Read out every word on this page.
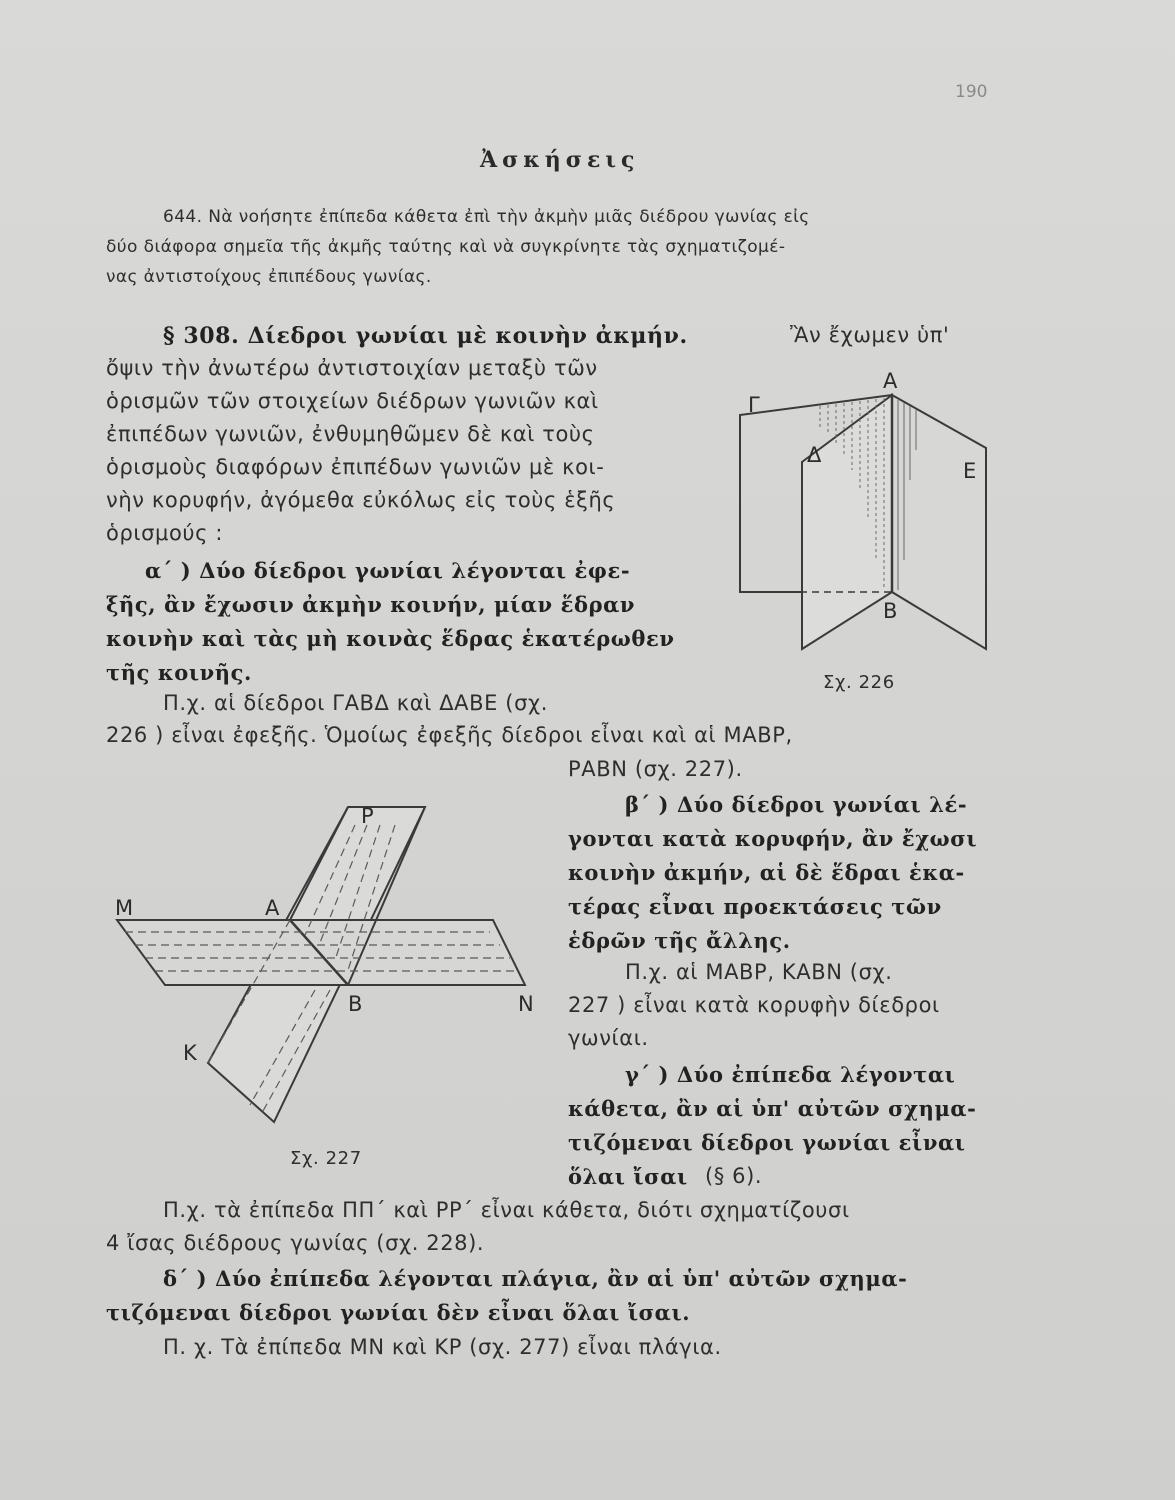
190
Ἀσκήσεις
644. Νὰ νοήσητε ἐπίπεδα κάθετα ἐπὶ τὴν ἀκμὴν μιᾶς διέδρου γωνίας εἰς
δύο διάφορα σημεῖα τῆς ἀκμῆς ταύτης καὶ νὰ συγκρίνητε τὰς σχηματιζομέ-
νας ἀντιστοίχους ἐπιπέδους γωνίας.
§ 308. Δίεδροι γωνίαι μὲ κοινὴν ἀκμήν.	Ἂν ἔχωμεν ὑπ'
ὄψιν τὴν ἀνωτέρω ἀντιστοιχίαν μεταξὺ τῶν
ὁρισμῶν τῶν στοιχείων διέδρων γωνιῶν καὶ
ἐπιπέδων γωνιῶν, ἐνθυμηθῶμεν δὲ καὶ τοὺς
ὁρισμοὺς διαφόρων ἐπιπέδων γωνιῶν μὲ κοι-
νὴν κορυφήν, ἀγόμεθα εὐκόλως εἰς τοὺς ἑξῆς
ὁρισμούς :
α΄ ) Δύο δίεδροι γωνίαι λέγονται ἐφε-
ξῆς, ἂν ἔχωσιν ἀκμὴν κοινήν, μίαν ἕδραν
κοινὴν καὶ τὰς μὴ κοινὰς ἕδρας ἑκατέρωθεν
τῆς κοινῆς.
Π.χ. αἱ δίεδροι ΓΑΒΔ καὶ ΔΑΒΕ (σχ.
226 ) εἶναι ἐφεξῆς. Ὁμοίως ἐφεξῆς δίεδροι εἶναι καὶ αἱ ΜΑΒΡ,
ΡΑΒΝ (σχ. 227).
β΄ ) Δύο δίεδροι γωνίαι λέ-
γονται κατὰ κορυφήν, ἂν ἔχωσι
κοινὴν ἀκμήν, αἱ δὲ ἕδραι ἑκα-
τέρας εἶναι προεκτάσεις τῶν
ἑδρῶν τῆς ἄλλης.
Π.χ. αἱ ΜΑΒΡ, ΚΑΒΝ (σχ.
227 ) εἶναι κατὰ κορυφὴν δίεδροι
γωνίαι.
γ΄ ) Δύο ἐπίπεδα λέγονται
κάθετα, ἂν αἱ ὑπ' αὐτῶν σχημα-
τιζόμεναι δίεδροι γωνίαι εἶναι
ὅλαι ἴσαι (§ 6).
Π.χ. τὰ ἐπίπεδα ΠΠ΄ καὶ ΡΡ΄ εἶναι κάθετα, διότι σχηματίζουσι
4 ἴσας διέδρους γωνίας (σχ. 228).
δ΄ ) Δύο ἐπίπεδα λέγονται πλάγια, ἂν αἱ ὑπ' αὐτῶν σχημα-
τιζόμεναι δίεδροι γωνίαι δὲν εἶναι ὅλαι ἴσαι.
Π. χ. Τὰ ἐπίπεδα ΜΝ καὶ ΚΡ (σχ. 277) εἶναι πλάγια.
A
Γ
Δ
E
B
Σχ. 226
P
M	A
B	N
K
Σχ. 227
